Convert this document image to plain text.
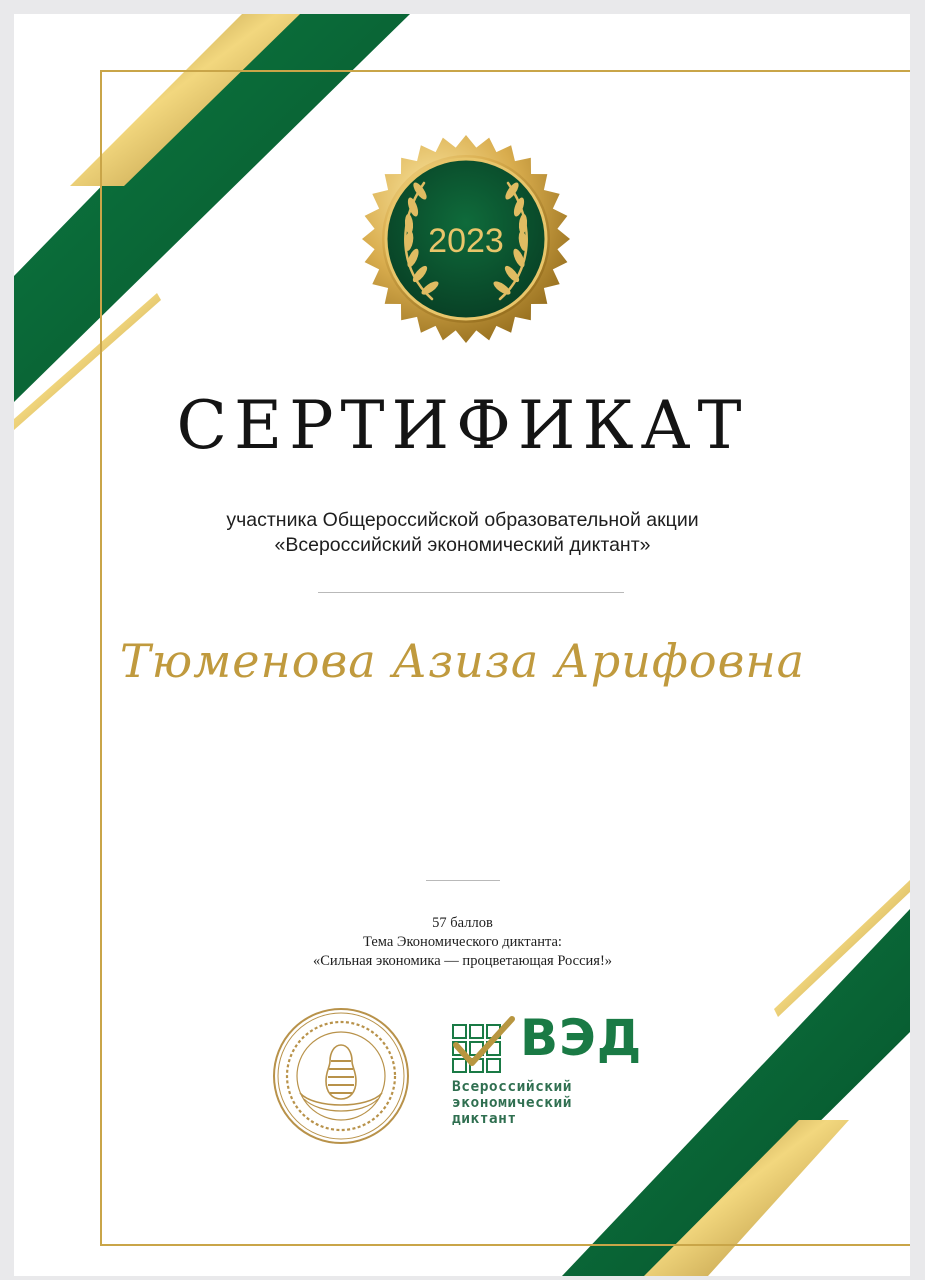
2023
СЕРТИФИКАТ
участника Общероссийской образовательной акции
«Всероссийский экономический диктант»
Тюменова Азиза Арифовна
57 баллов
Тема Экономического диктанта:
«Сильная экономика — процветающая Россия!»
ВЭД
Всероссийский
экономический
диктант
